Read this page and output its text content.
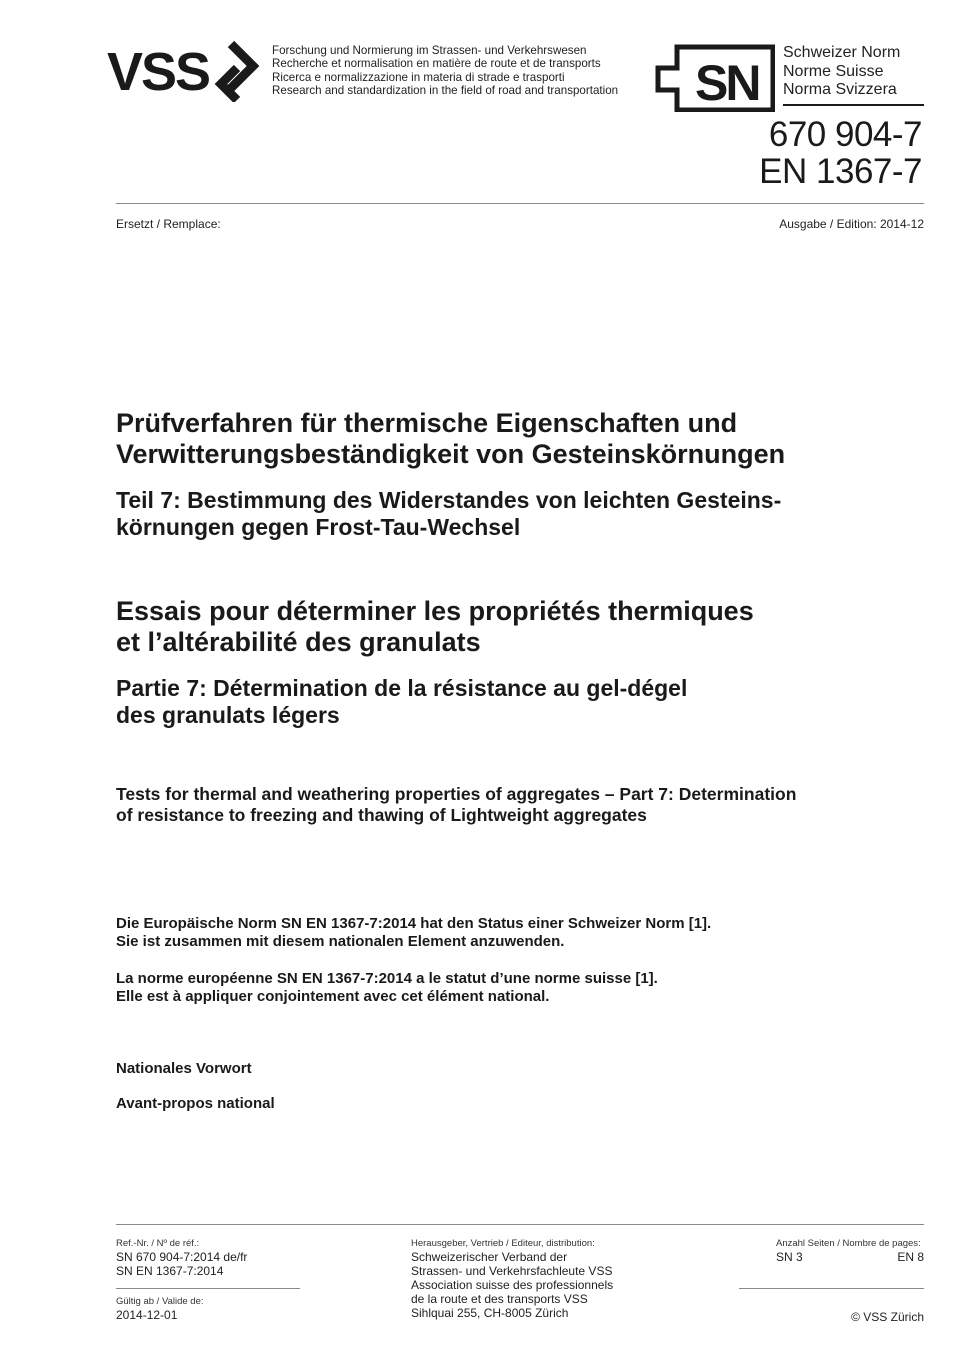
VSS	Forschung und Normierung im Strassen- und Verkehrswesen
Recherche et normalisation en matière de route et de transports
Ricerca e normalizzazione in materia di strade e trasporti
Research and standardization in the field of road and transportation SN
Schweizer Norm
Norme Suisse
Norma Svizzera
670 904-7
EN 1367-7
Ersetzt / Remplace:	Ausgabe / Edition: 2014-12
Prüfverfahren für thermische Eigenschaften und
Verwitterungsbeständigkeit von Gesteinskörnungen
Teil 7: Bestimmung des Widerstandes von leichten Gesteins-
körnungen gegen Frost-Tau-Wechsel
Essais pour déterminer les propriétés thermiques
et l’altérabilité des granulats
Partie 7: Détermination de la résistance au gel-dégel
des granulats légers
Tests for thermal and weathering properties of aggregates – Part 7: Determination
of resistance to freezing and thawing of Lightweight aggregates
Die Europäische Norm SN EN 1367-7:2014 hat den Status einer Schweizer Norm [1].
Sie ist zusammen mit diesem nationalen Element anzuwenden.
La norme européenne SN EN 1367-7:2014 a le statut d’une norme suisse [1].
Elle est à appliquer conjointement avec cet élément national.
Nationales Vorwort
Avant-propos national
Ref.-Nr. / Nº de réf.:
SN 670 904-7:2014 de/fr
SN EN 1367-7:2014
Gültig ab / Valide de:
2014-12-01
Herausgeber, Vertrieb / Editeur, distribution:
Schweizerischer Verband der
Strassen- und Verkehrsfachleute VSS
Association suisse des professionnels
de la route et des transports VSS
Sihlquai 255, CH-8005 Zürich
Anzahl Seiten / Nombre de pages:
SN 3	EN 8
© VSS Zürich
